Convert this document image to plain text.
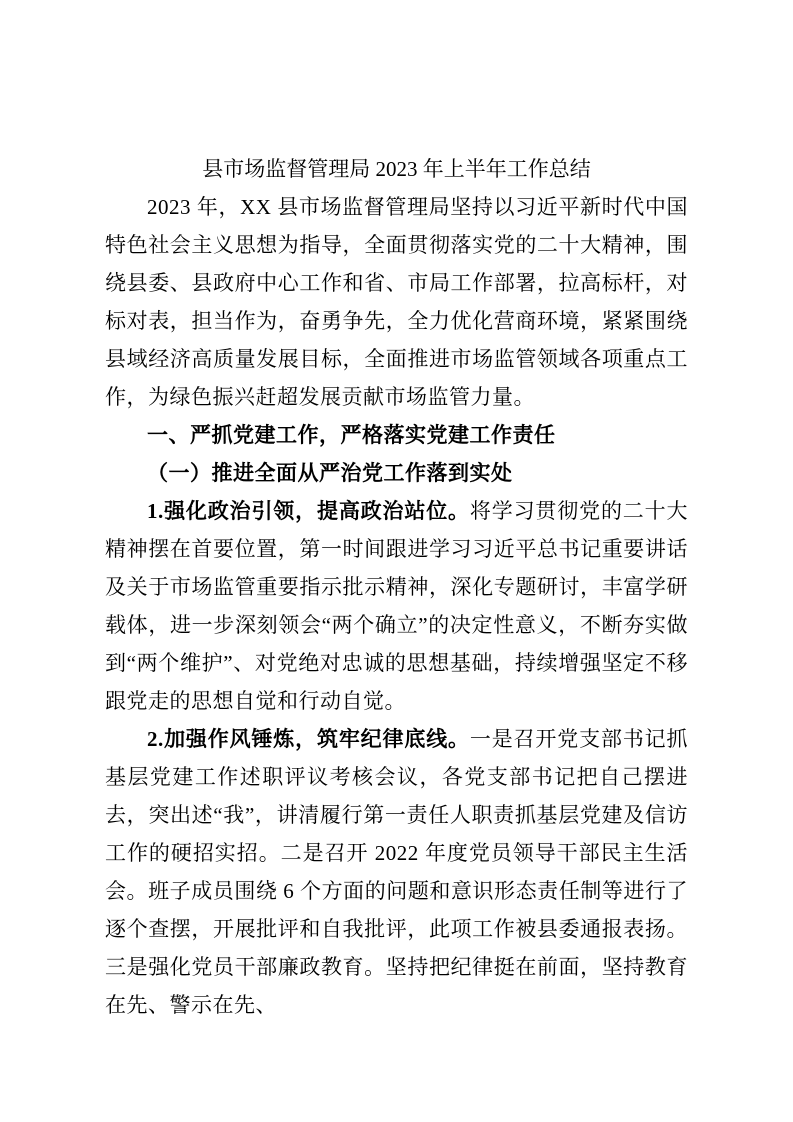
县市场监督管理局 2023 年上半年工作总结

2023 年，XX 县市场监督管理局坚持以习近平新时代中国特色社会主义思想为指导，全面贯彻落实党的二十大精神，围绕县委、县政府中心工作和省、市局工作部署，拉高标杆，对标对表，担当作为，奋勇争先，全力优化营商环境，紧紧围绕县域经济高质量发展目标，全面推进市场监管领域各项重点工作，为绿色振兴赶超发展贡献市场监管力量。

一、严抓党建工作，严格落实党建工作责任

（一）推进全面从严治党工作落到实处

1.强化政治引领，提高政治站位。将学习贯彻党的二十大精神摆在首要位置，第一时间跟进学习习近平总书记重要讲话及关于市场监管重要指示批示精神，深化专题研讨，丰富学研载体，进一步深刻领会“两个确立”的决定性意义，不断夯实做到“两个维护”、对党绝对忠诚的思想基础，持续增强坚定不移跟党走的思想自觉和行动自觉。

2.加强作风锤炼，筑牢纪律底线。一是召开党支部书记抓基层党建工作述职评议考核会议，各党支部书记把自己摆进去，突出述“我”，讲清履行第一责任人职责抓基层党建及信访工作的硬招实招。二是召开 2022 年度党员领导干部民主生活会。班子成员围绕 6 个方面的问题和意识形态责任制等进行了逐个查摆，开展批评和自我批评，此项工作被县委通报表扬。三是强化党员干部廉政教育。坚持把纪律挺在前面，坚持教育在先、警示在先、
